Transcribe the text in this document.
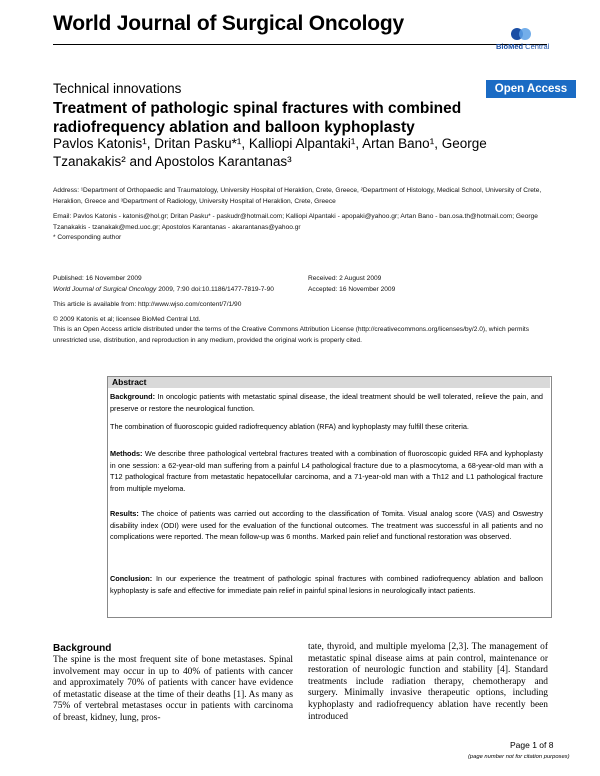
World Journal of Surgical Oncology
BioMed Central
Technical innovations	Open Access
Treatment of pathologic spinal fractures with combined radiofrequency ablation and balloon kyphoplasty
Pavlos Katonis¹, Dritan Pasku*¹, Kalliopi Alpantaki¹, Artan Bano¹, George Tzanakakis² and Apostolos Karantanas³
Address: ¹Department of Orthopaedic and Traumatology, University Hospital of Heraklion, Crete, Greece, ²Department of Histology, Medical School, University of Crete, Heraklion, Greece and ³Department of Radiology, University Hospital of Heraklion, Crete, Greece
Email: Pavlos Katonis - katonis@hol.gr; Dritan Pasku* - paskudr@hotmail.com; Kalliopi Alpantaki - apopaki@yahoo.gr; Artan Bano - ban.osa.th@hotmail.com; George Tzanakakis - tzanakak@med.uoc.gr; Apostolos Karantanas - akarantanas@yahoo.gr
* Corresponding author
Published: 16 November 2009	Received: 2 August 2009
Accepted: 16 November 2009
World Journal of Surgical Oncology 2009, 7:90 doi:10.1186/1477-7819-7-90
This article is available from: http://www.wjso.com/content/7/1/90
© 2009 Katonis et al; licensee BioMed Central Ltd.
This is an Open Access article distributed under the terms of the Creative Commons Attribution License (http://creativecommons.org/licenses/by/2.0), which permits unrestricted use, distribution, and reproduction in any medium, provided the original work is properly cited.
Abstract
Background: In oncologic patients with metastatic spinal disease, the ideal treatment should be well tolerated, relieve the pain, and preserve or restore the neurological function.
The combination of fluoroscopic guided radiofrequency ablation (RFA) and kyphoplasty may fulfill these criteria.
Methods: We describe three pathological vertebral fractures treated with a combination of fluoroscopic guided RFA and kyphoplasty in one session: a 62-year-old man suffering from a painful L4 pathological fracture due to a plasmocytoma, a 68-year-old man with a T12 pathological fracture from metastatic hepatocellular carcinoma, and a 71-year-old man with a Th12 and L1 pathological fracture from multiple myeloma.
Results: The choice of patients was carried out according to the classification of Tomita. Visual analog score (VAS) and Oswestry disability index (ODI) were used for the evaluation of the functional outcomes. The treatment was successful in all patients and no complications were reported. The mean follow-up was 6 months. Marked pain relief and functional restoration was observed.
Conclusion: In our experience the treatment of pathologic spinal fractures with combined radiofrequency ablation and balloon kyphoplasty is safe and effective for immediate pain relief in painful spinal lesions in neurologically intact patients.
Background
The spine is the most frequent site of bone metastases. Spinal involvement may occur in up to 40% of patients with cancer and approximately 70% of patients with cancer have evidence of metastatic disease at the time of their deaths [1]. As many as 75% of vertebral metastases occur in patients with carcinoma of breast, kidney, lung, pros-
tate, thyroid, and multiple myeloma [2,3]. The management of metastatic spinal disease aims at pain control, maintenance or restoration of neurologic function and stability [4]. Standard treatments include radiation therapy, chemotherapy and surgery. Minimally invasive therapeutic options, including kyphoplasty and radiofrequency ablation have recently been introduced
Page 1 of 8
(page number not for citation purposes)
